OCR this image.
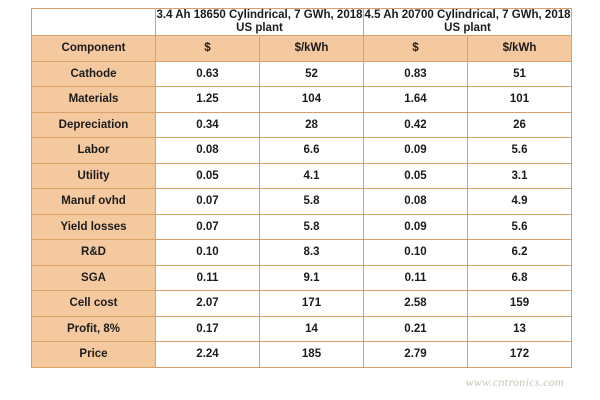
	3.4 Ah 18650 Cylindrical, 7 GWh, 2018 US plant		4.5 Ah 20700 Cylindrical, 7 GWh, 2018 US plant	
Component	$	$/kWh	$	$/kWh
Cathode	0.63	52	0.83	51
Materials	1.25	104	1.64	101
Depreciation	0.34	28	0.42	26
Labor	0.08	6.6	0.09	5.6
Utility	0.05	4.1	0.05	3.1
Manuf ovhd	0.07	5.8	0.08	4.9
Yield losses	0.07	5.8	0.09	5.6
R&D	0.10	8.3	0.10	6.2
SGA	0.11	9.1	0.11	6.8
Cell cost	2.07	171	2.58	159
Profit, 8%	0.17	14	0.21	13
Price	2.24	185	2.79	172
www.cntronics.com
